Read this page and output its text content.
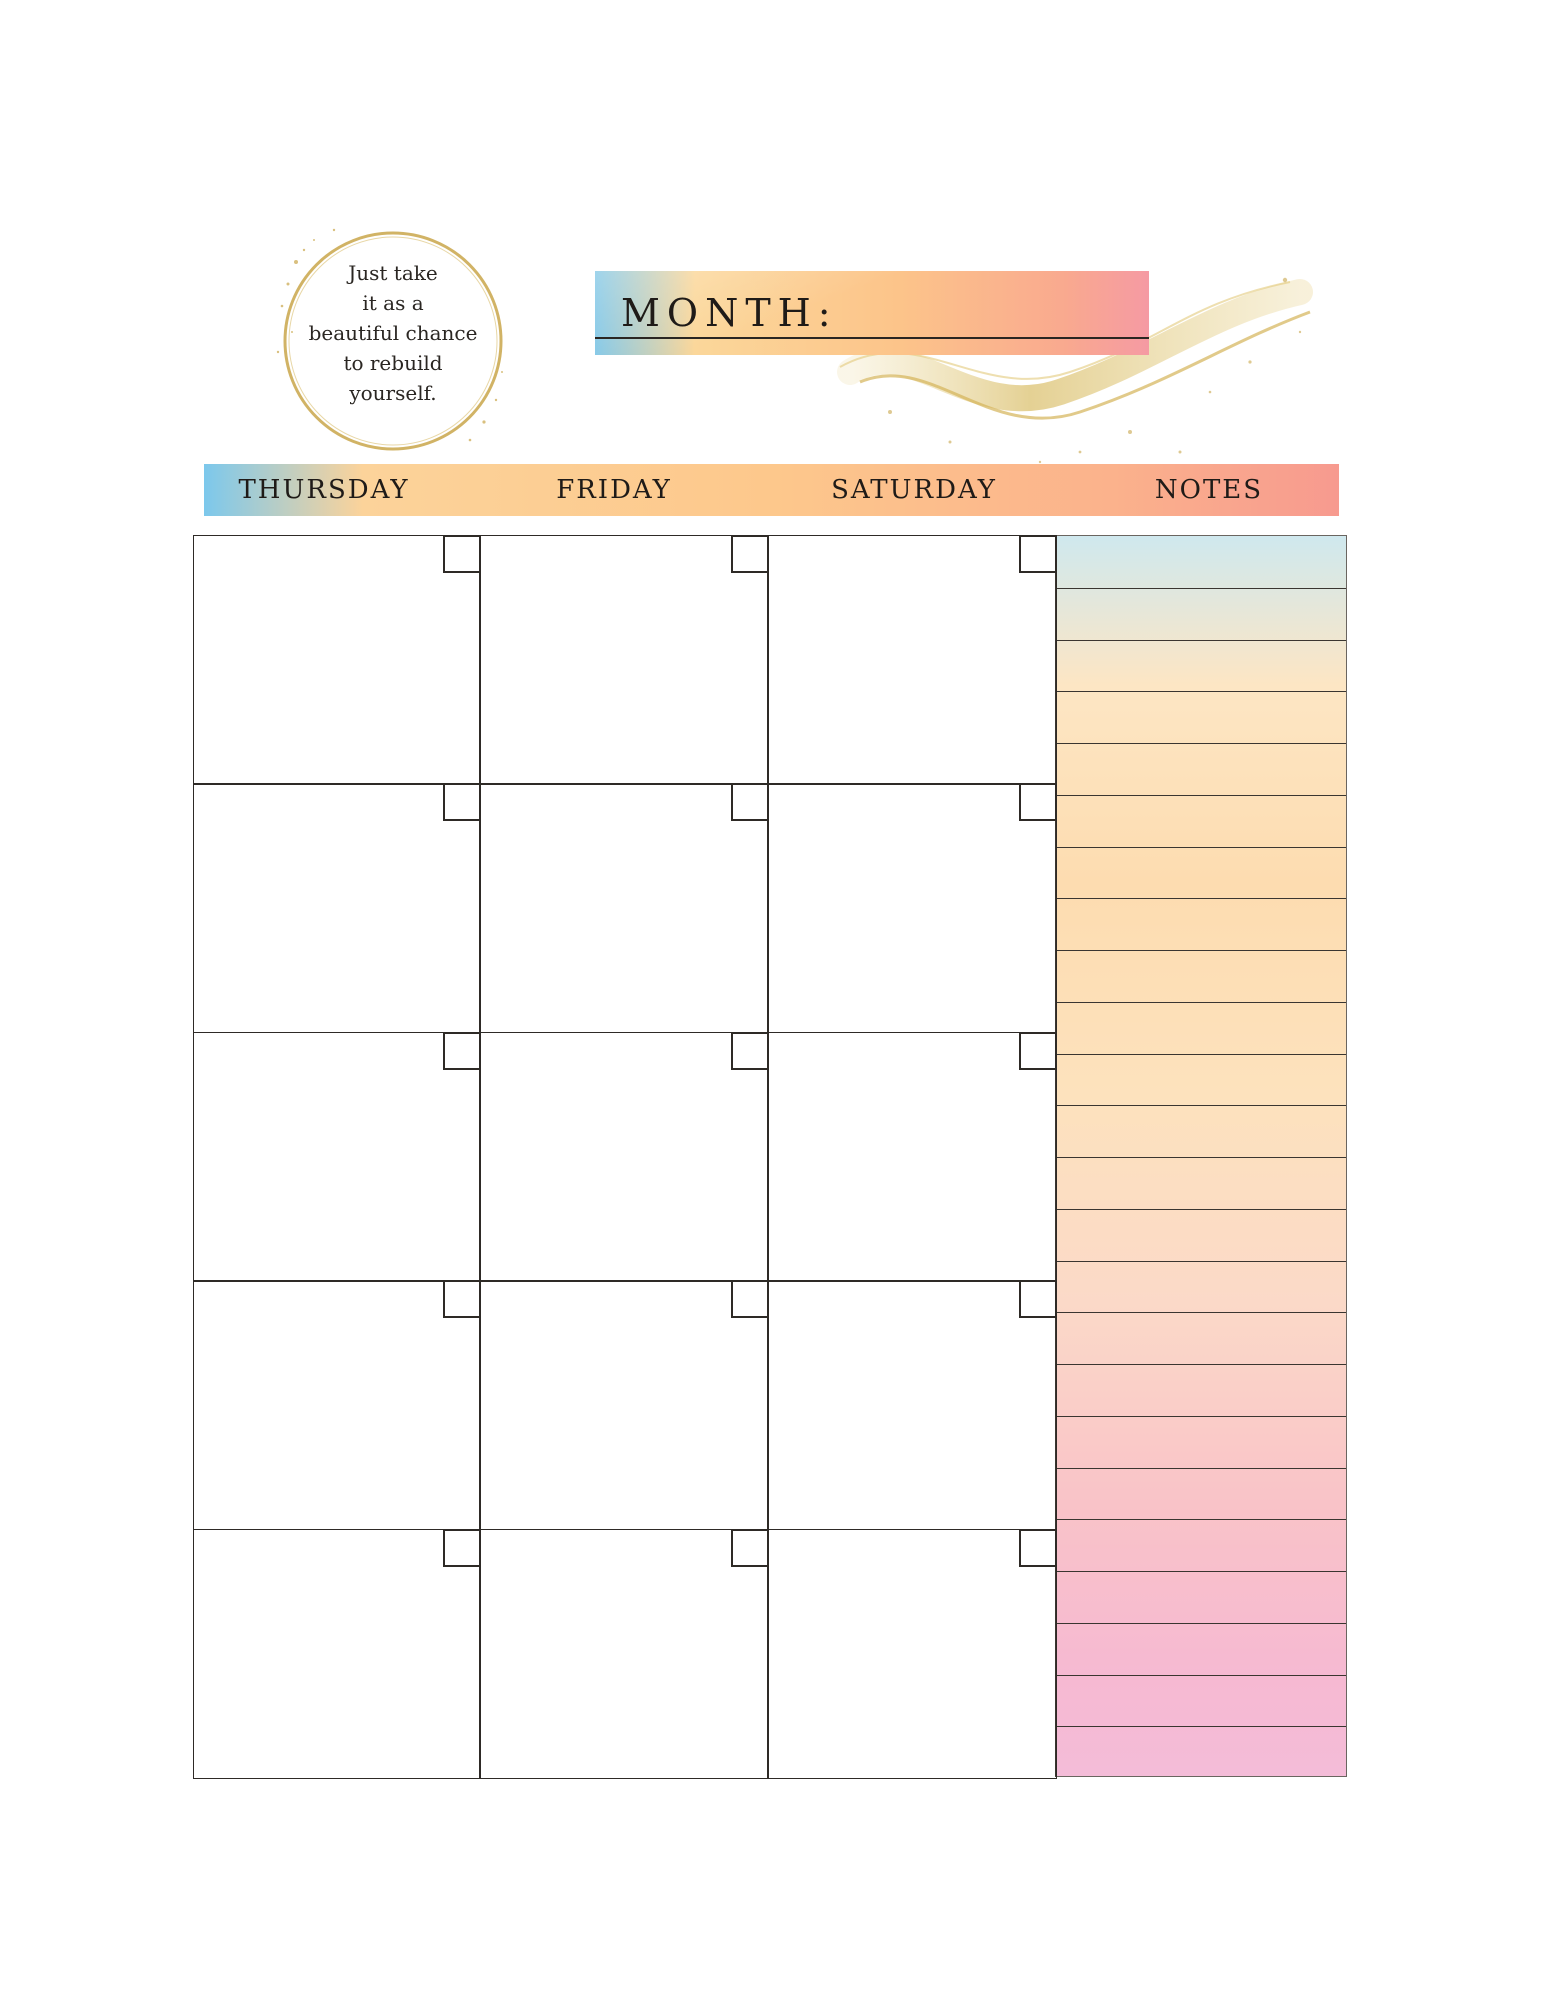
Just take
it as a
beautiful chance
to rebuild
yourself.
MONTH:
THURSDAY	FRIDAY	SATURDAY	NOTES
